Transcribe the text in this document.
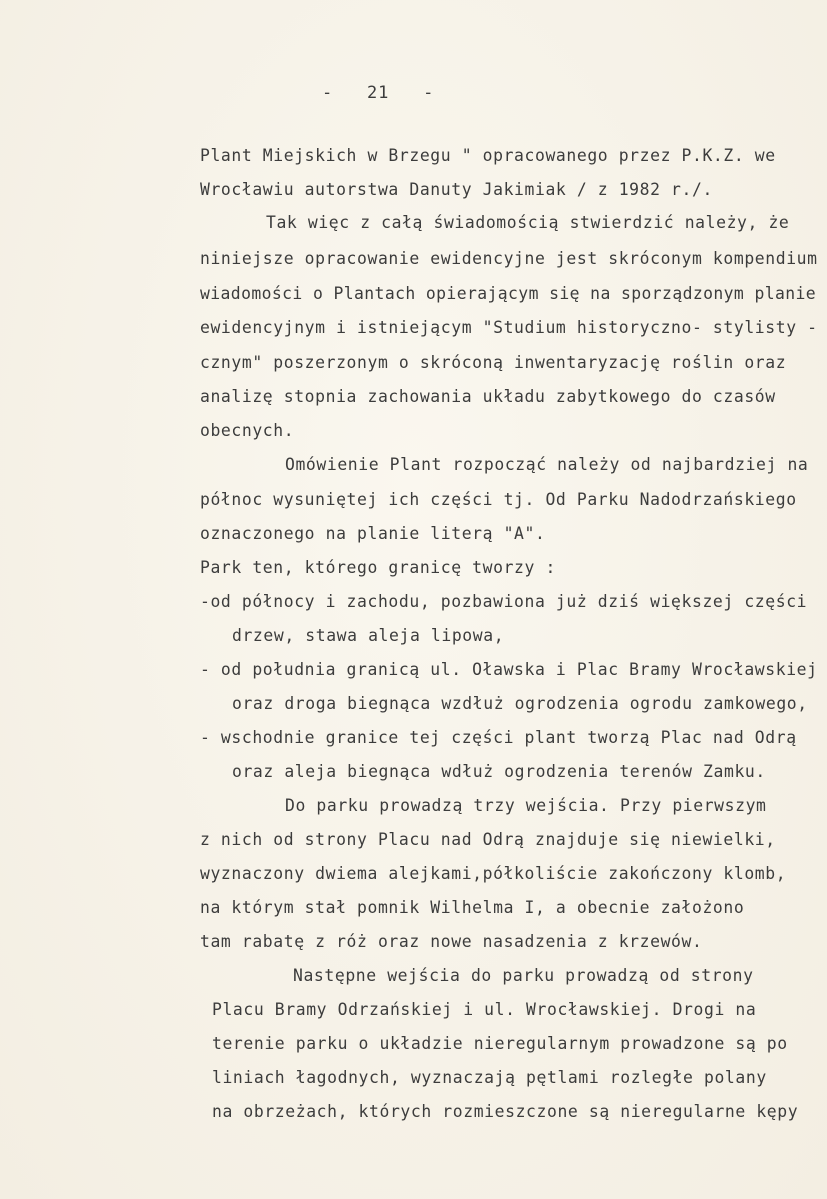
-   21   -
Plant Miejskich w Brzegu " opracowanego przez P.K.Z. we
Wrocławiu autorstwa Danuty Jakimiak / z 1982 r./.
Tak więc z całą świadomością stwierdzić należy, że
niniejsze opracowanie ewidencyjne jest skróconym kompendium
wiadomości o Plantach opierającym się na sporządzonym planie
ewidencyjnym i istniejącym "Studium historyczno- stylisty -
cznym" poszerzonym o skróconą inwentaryzację roślin oraz
analizę stopnia zachowania układu zabytkowego do czasów
obecnych.
Omówienie Plant rozpocząć należy od najbardziej na
północ wysuniętej ich części tj. Od Parku Nadodrzańskiego
oznaczonego na planie literą "A".
Park ten, którego granicę tworzy :
-od północy i zachodu, pozbawiona już dziś większej części
drzew, stawa aleja lipowa,
- od południa granicą ul. Oławska i Plac Bramy Wrocławskiej
oraz droga biegnąca wzdłuż ogrodzenia ogrodu zamkowego,
- wschodnie granice tej części plant tworzą Plac nad Odrą
oraz aleja biegnąca wdłuż ogrodzenia terenów Zamku.
Do parku prowadzą trzy wejścia. Przy pierwszym
z nich od strony Placu nad Odrą znajduje się niewielki,
wyznaczony dwiema alejkami,półkoliście zakończony klomb,
na którym stał pomnik Wilhelma I, a obecnie założono
tam rabatę z róż oraz nowe nasadzenia z krzewów.
Następne wejścia do parku prowadzą od strony
Placu Bramy Odrzańskiej i ul. Wrocławskiej. Drogi na
terenie parku o układzie nieregularnym prowadzone są po
liniach łagodnych, wyznaczają pętlami rozległe polany
na obrzeżach, których rozmieszczone są nieregularne kępy
